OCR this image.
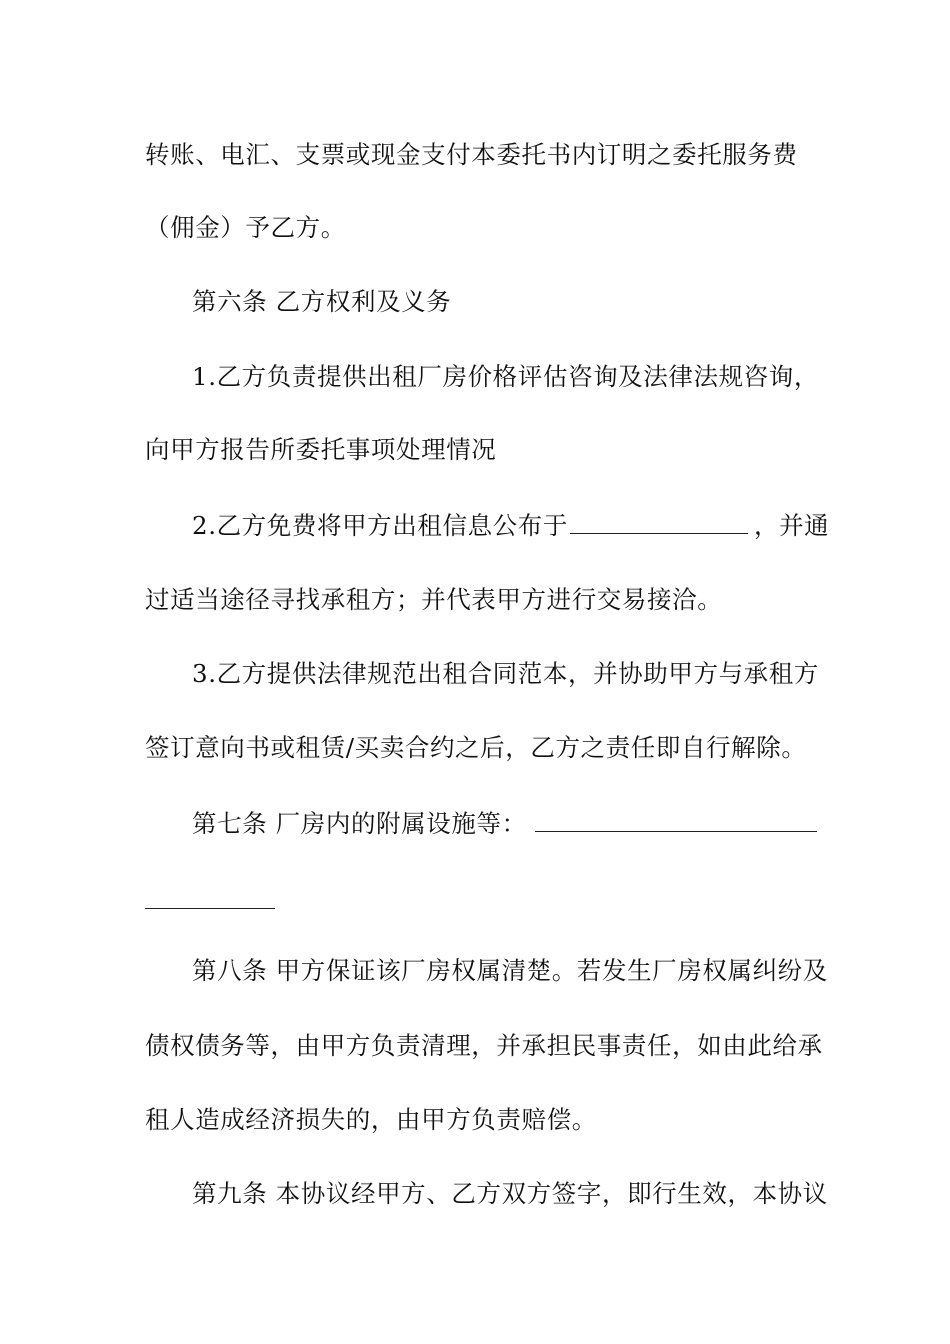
转账、电汇、支票或现金支付本委托书内订明之委托服务费
（佣金）予乙方。
第六条 乙方权利及义务
1.乙方负责提供出租厂房价格评估咨询及法律法规咨询，
向甲方报告所委托事项处理情况
2.乙方免费将甲方出租信息公布于	，并通
过适当途径寻找承租方；并代表甲方进行交易接洽。
3.乙方提供法律规范出租合同范本，并协助甲方与承租方
签订意向书或租赁/买卖合约之后，乙方之责任即自行解除。
第七条 厂房内的附属设施等：
第八条 甲方保证该厂房权属清楚。若发生厂房权属纠纷及
债权债务等，由甲方负责清理，并承担民事责任，如由此给承
租人造成经济损失的，由甲方负责赔偿。
第九条 本协议经甲方、乙方双方签字，即行生效，本协议
